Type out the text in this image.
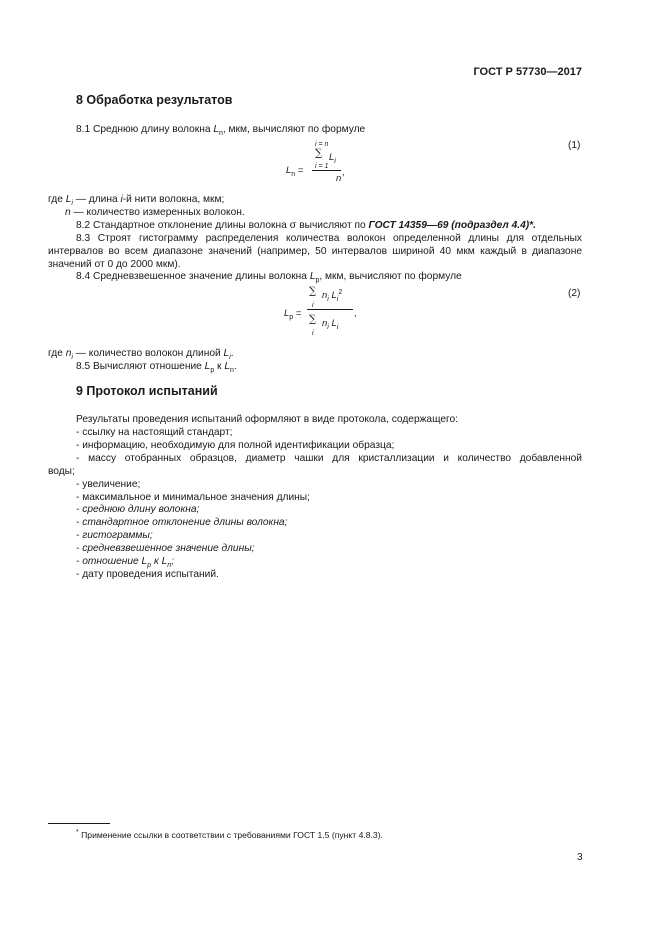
ГОСТ Р 57730—2017
8 Обработка результатов
8.1 Среднюю длину волокна $L_n$, мкм, вычисляют по формуле
$L_n$ =
i = n
∑ $L_i$
i = 1
n
,
(1)
где $L_i$ — длина i-й нити волокна, мкм;
n — количество измеренных волокон.
8.2 Стандартное отклонение длины волокна σ вычисляют по ГОСТ 14359—69 (подраздел 4.4)*.
8.3 Строят гистограмму распределения количества волокон определенной длины для отдельных
интервалов во всем диапазоне значений (например, 50 интервалов шириной 40 мкм каждый в диапазоне
значений от 0 до 2000 мкм).
8.4 Средневзвешенное значение длины волокна $L_p$, мкм, вычисляют по формуле
$L_p$ =
∑
i
$n_i$ $L_i^2$
∑
i
$n_i$ $L_i$
,
(2)
где $n_i$ — количество волокон длиной $L_i$.
8.5 Вычисляют отношение $L_p$ к $L_n$.
9 Протокол испытаний
Результаты проведения испытаний оформляют в виде протокола, содержащего:
- ссылку на настоящий стандарт;
- информацию, необходимую для полной идентификации образца;
- массу отобранных образцов, диаметр чашки для кристаллизации и количество добавленной
воды;
- увеличение;
- максимальное и минимальное значения длины;
- среднюю длину волокна;
- стандартное отклонение длины волокна;
- гистограммы;
- средневзвешенное значение длины;
- отношение $L_p$ к $L_n$;
- дату проведения испытаний.
* Применение ссылки в соответствии с требованиями ГОСТ 1.5 (пункт 4.8.3).
3
